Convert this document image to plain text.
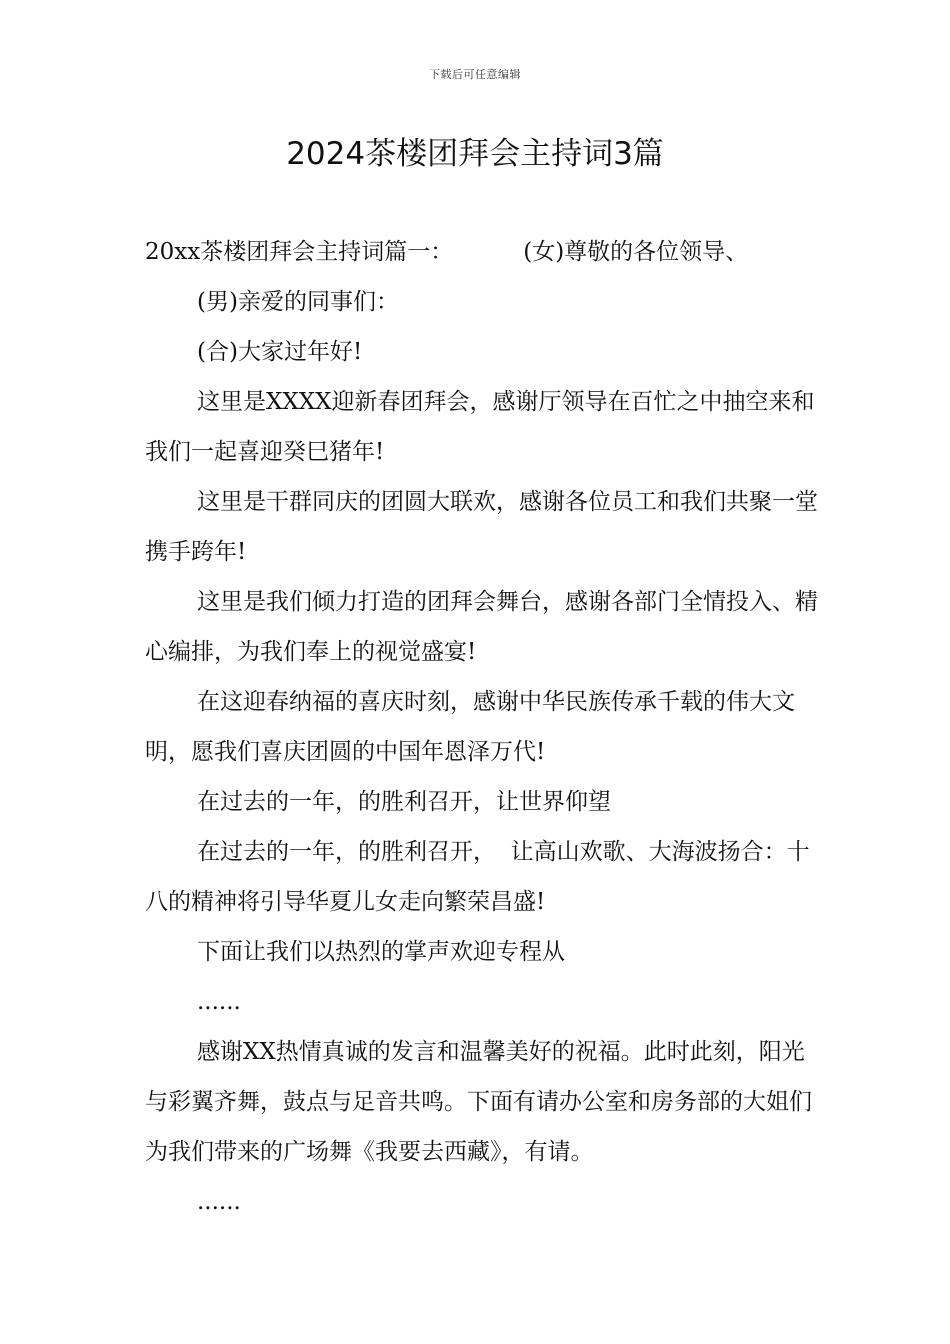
下载后可任意编辑
2024茶楼团拜会主持词3篇

20xx茶楼团拜会主持词篇一：	(女)尊敬的各位领导、

(男)亲爱的同事们：

(合)大家过年好!

这里是XXXX迎新春团拜会，感谢厅领导在百忙之中抽空来和我们一起喜迎癸巳猪年!

这里是干群同庆的团圆大联欢，感谢各位员工和我们共聚一堂携手跨年!

这里是我们倾力打造的团拜会舞台，感谢各部门全情投入、精心编排，为我们奉上的视觉盛宴!

在这迎春纳福的喜庆时刻，感谢中华民族传承千载的伟大文明，愿我们喜庆团圆的中国年恩泽万代!

在过去的一年，的胜利召开，让世界仰望

在过去的一年，的胜利召开，  让高山欢歌、大海波扬合：十八的精神将引导华夏儿女走向繁荣昌盛!

下面让我们以热烈的掌声欢迎专程从

......

感谢XX热情真诚的发言和温馨美好的祝福。此时此刻，阳光与彩翼齐舞，鼓点与足音共鸣。下面有请办公室和房务部的大姐们为我们带来的广场舞《我要去西藏》，有请。

......
